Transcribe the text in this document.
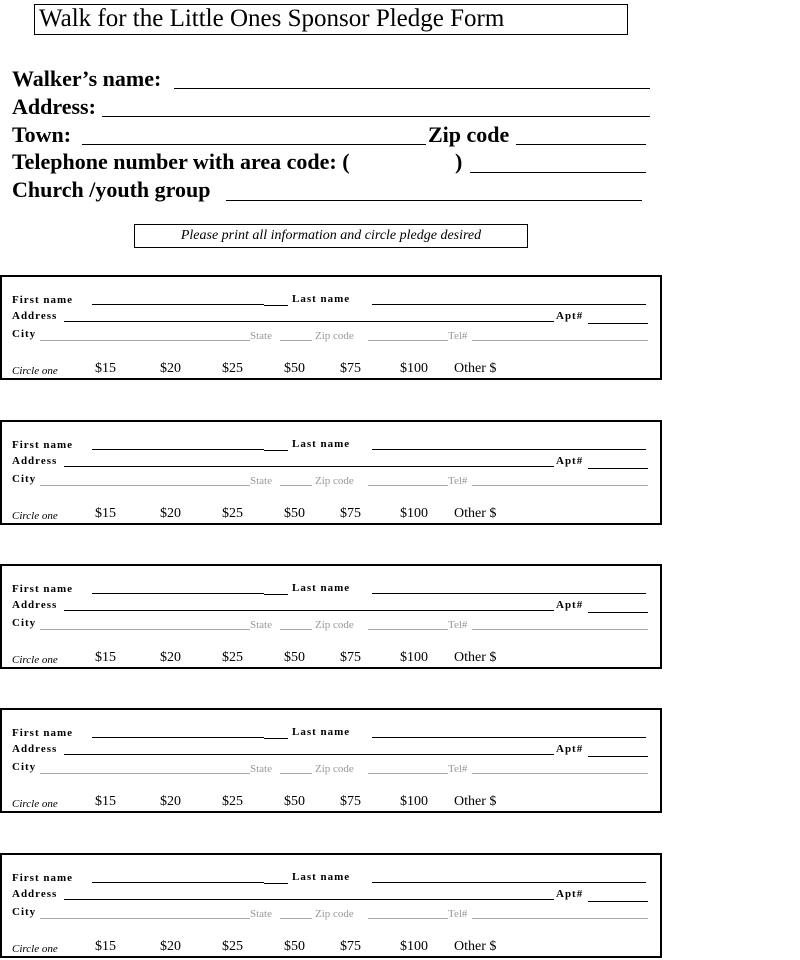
Walk for the Little Ones Sponsor Pledge Form
Walker’s name:
Address:
Town:	Zip code
Telephone number with area code: (	)
Church /youth group
Please print all information and circle pledge desired
First name	Last name
Address	Apt#
City	State	Zip code	Tel#
Circle one	$15	$20	$25	$50	$75	$100 Other $
First name	Last name
Address	Apt#
City	State	Zip code	Tel#
Circle one	$15	$20	$25	$50	$75	$100 Other $
First name	Last name
Address	Apt#
City	State	Zip code	Tel#
Circle one	$15	$20	$25	$50	$75	$100 Other $
First name	Last name
Address	Apt#
City	State	Zip code	Tel#
Circle one	$15	$20	$25	$50	$75	$100 Other $
First name	Last name
Address	Apt#
City	State	Zip code	Tel#
Circle one	$15	$20	$25	$50	$75	$100 Other $
